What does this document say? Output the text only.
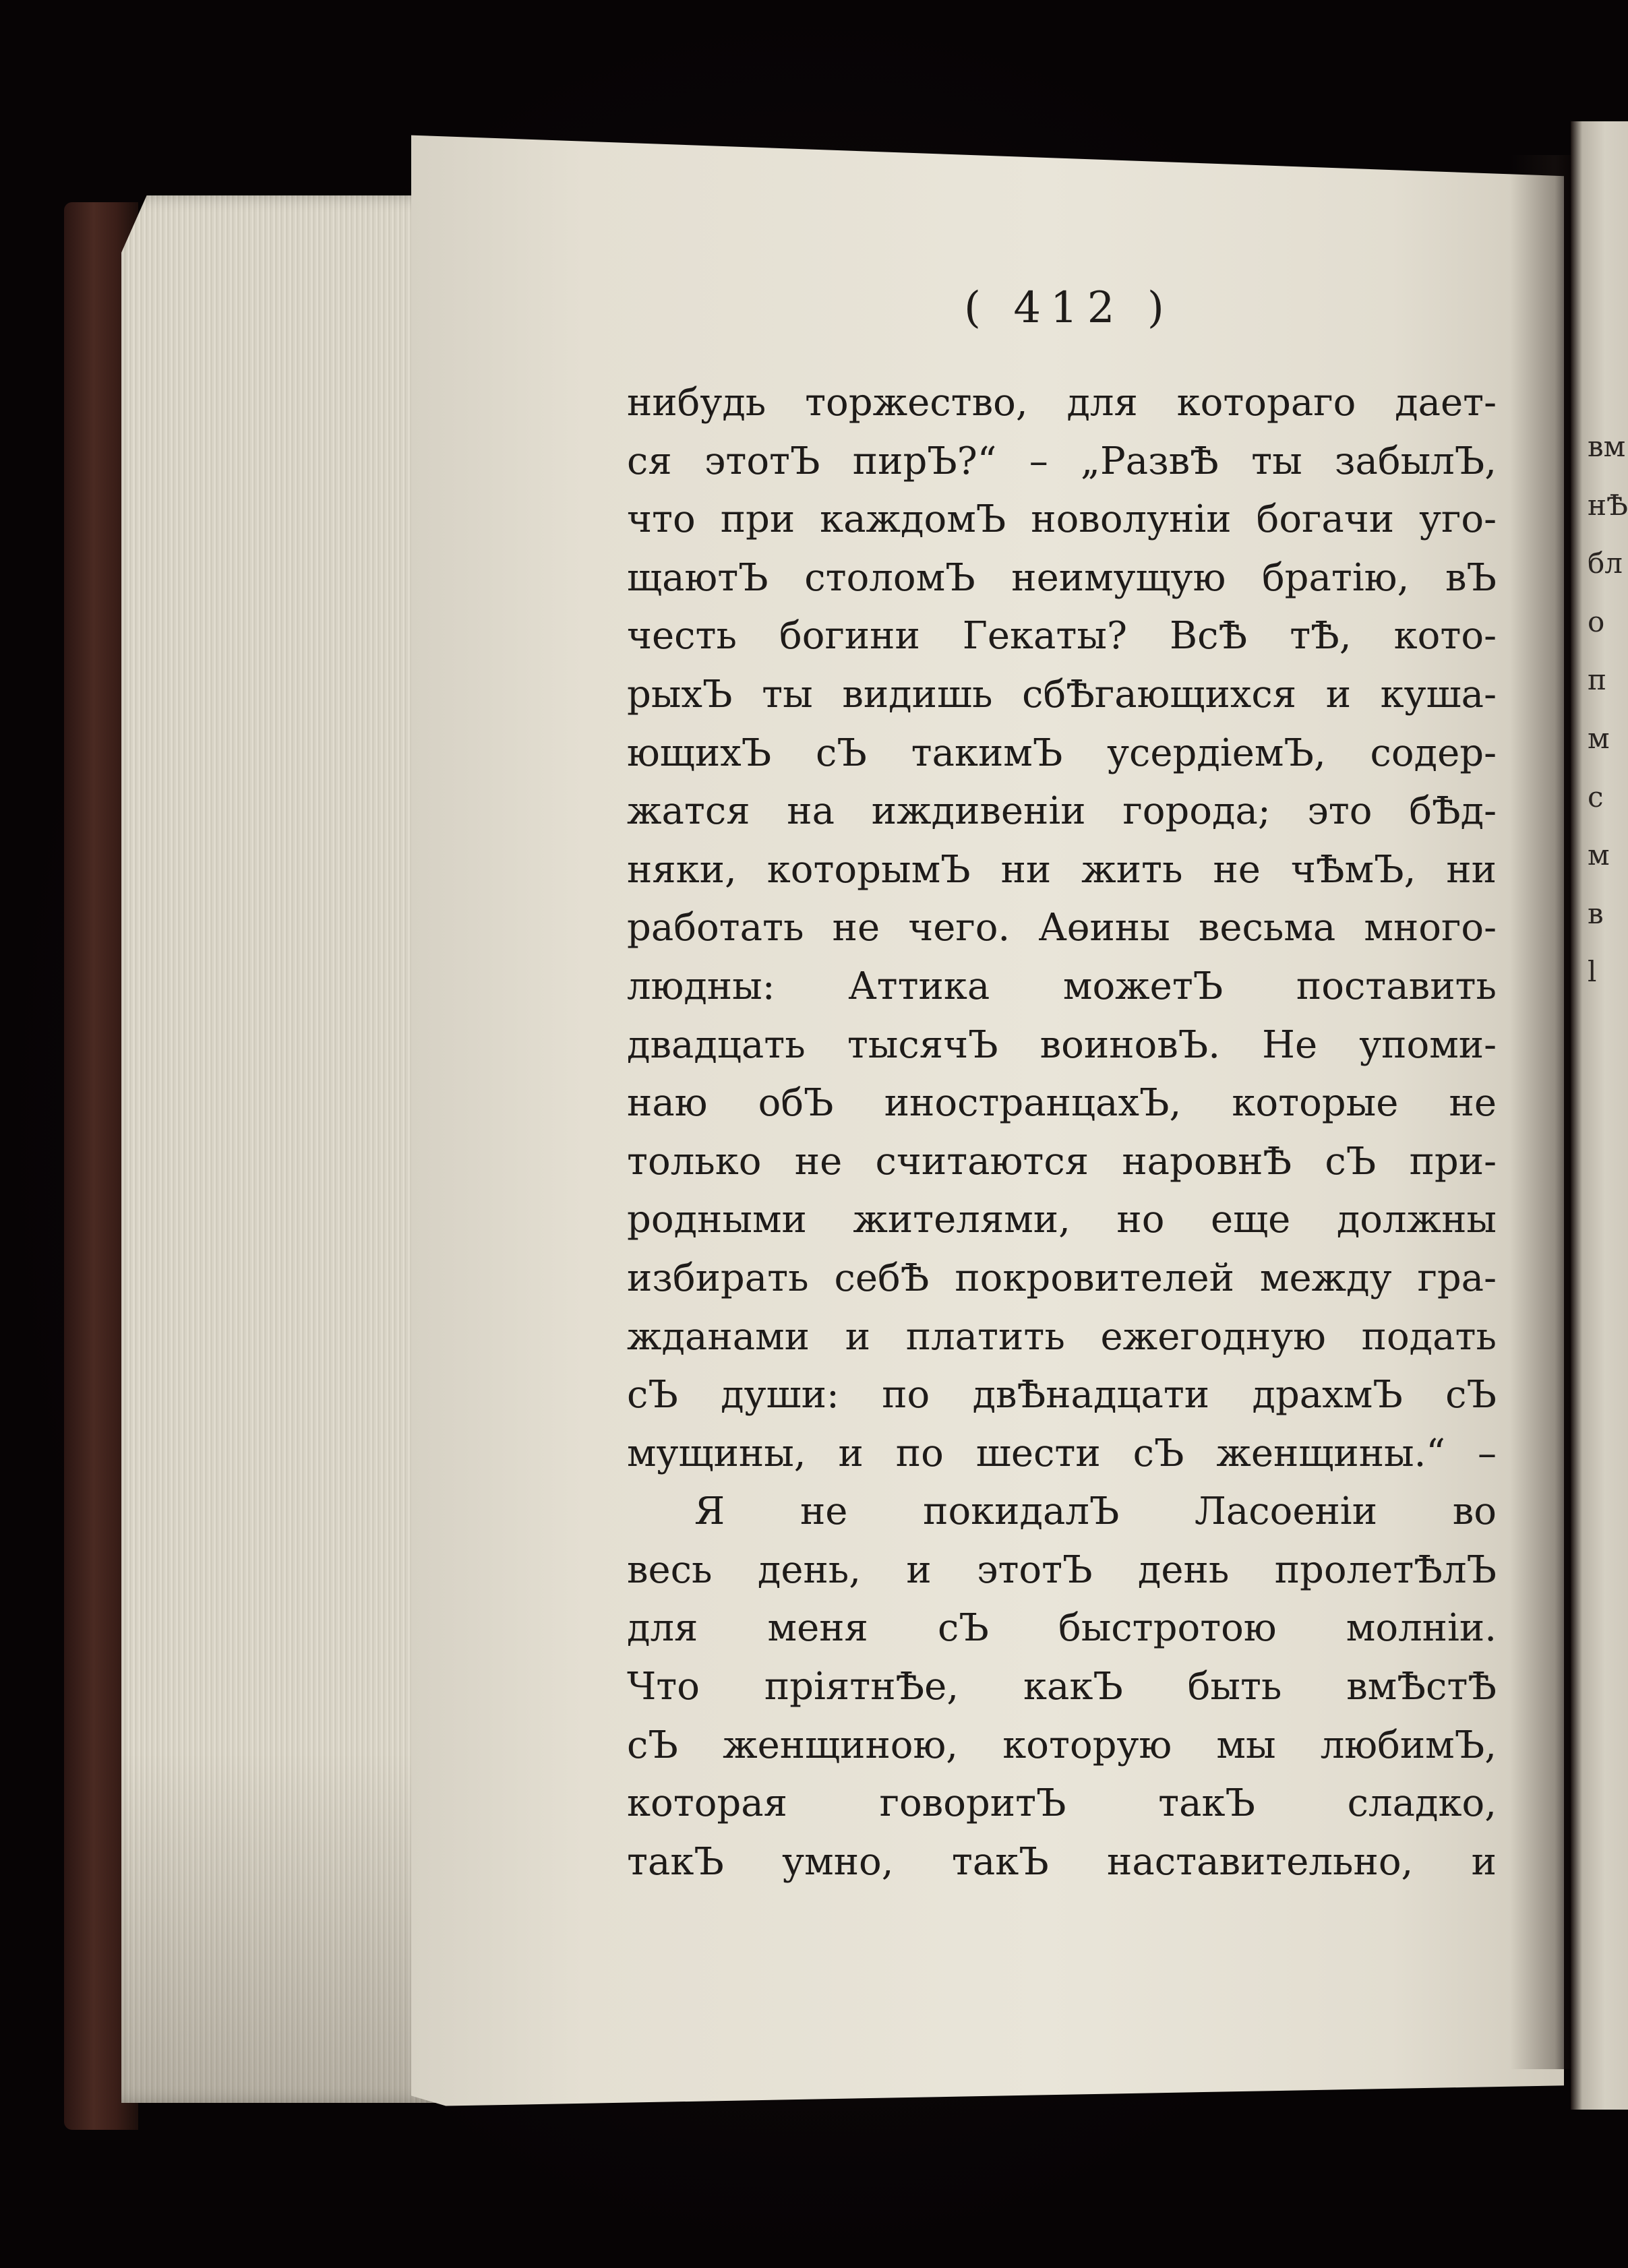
( 412 )
нибудь торжество, для котораго дает-
ся этотЪ пирЪ?“ – „РазвѢ ты забылЪ,
что при каждомЪ новолунiи богачи уго-
щаютЪ столомЪ неимущую братiю, вЪ
честь богини Гекаты? ВсѢ тѢ, кото-
рыхЪ ты видишь сбѢгающихся и куша-
ющихЪ сЪ такимЪ усердiемЪ, содер-
жатся на иждивенiи города; это бѢд-
няки, которымЪ ни жить не чѢмЪ, ни
работать не чего. Аөины весьма много-
людны: Аттика можетЪ поставить
двадцать тысячЪ воиновЪ. Не упоми-
наю обЪ иностранцахЪ, которые не
только не считаются наровнѢ сЪ при-
родными жителями, но еще должны
избирать себѢ покровителей между гра-
жданами и платить ежегодную подать
сЪ души: по двѢнадцати драхмЪ сЪ
мущины, и по шести сЪ женщины.“ –
Я не покидалЪ Ласоенiи во
весь день, и этотЪ день пролетѢлЪ
для меня сЪ быстротою молнiи.
Что прiятнѢе, какЪ быть вмѢстѢ
сЪ женщиною, которую мы любимЪ,
которая говоритЪ такЪ сладко,
такЪ умно, такЪ наставительно, и
вм
нѢ
бл
о
п
м
с
м
в
l
